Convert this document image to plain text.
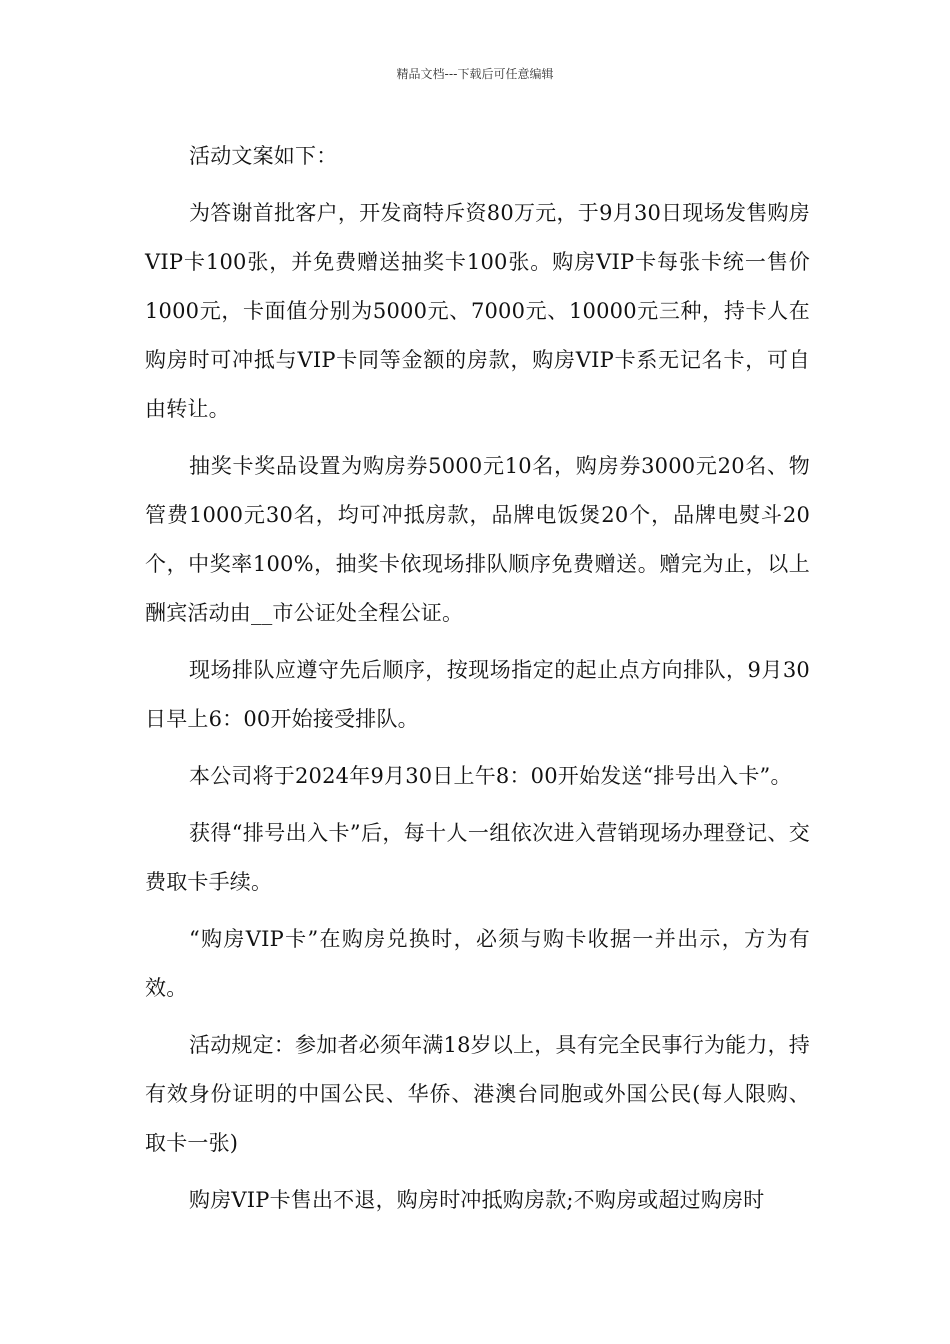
精品文档---下载后可任意编辑

活动文案如下：

为答谢首批客户，开发商特斥资80万元，于9月30日现场发售购房VIP卡100张，并免费赠送抽奖卡100张。购房VIP卡每张卡统一售价1000元，卡面值分别为5000元、7000元、10000元三种，持卡人在购房时可冲抵与VIP卡同等金额的房款，购房VIP卡系无记名卡，可自由转让。

抽奖卡奖品设置为购房券5000元10名，购房券3000元20名、物管费1000元30名，均可冲抵房款，品牌电饭煲20个，品牌电熨斗20个，中奖率100%，抽奖卡依现场排队顺序免费赠送。赠完为止，以上酬宾活动由__市公证处全程公证。

现场排队应遵守先后顺序，按现场指定的起止点方向排队，9月30日早上6：00开始接受排队。

本公司将于2024年9月30日上午8：00开始发送“排号出入卡”。

获得“排号出入卡”后，每十人一组依次进入营销现场办理登记、交费取卡手续。

“购房VIP卡”在购房兑换时，必须与购卡收据一并出示，方为有效。

活动规定：参加者必须年满18岁以上，具有完全民事行为能力，持有效身份证明的中国公民、华侨、港澳台同胞或外国公民(每人限购、取卡一张)

购房VIP卡售出不退，购房时冲抵购房款;不购房或超过购房时
